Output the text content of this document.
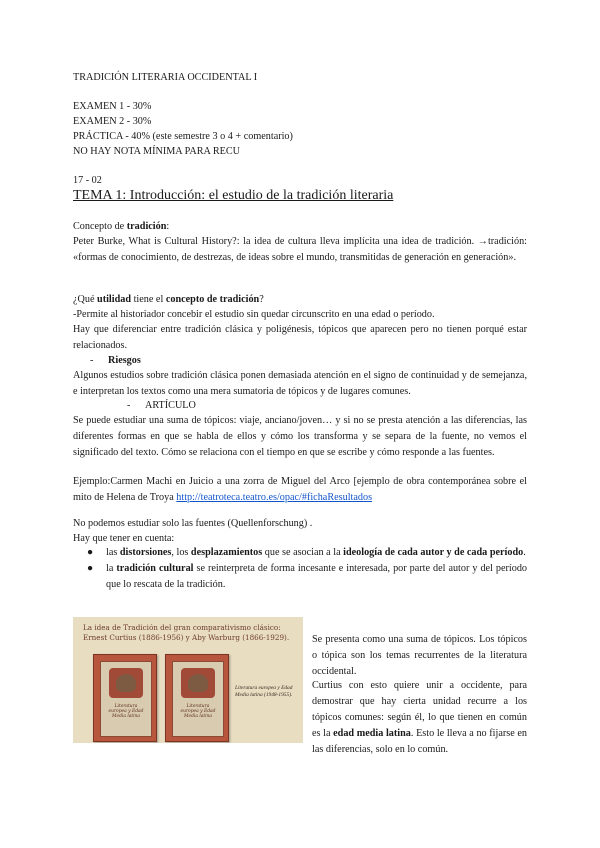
TRADICIÓN LITERARIA OCCIDENTAL I
EXAMEN 1 - 30%
EXAMEN 2 - 30%
PRÁCTICA - 40% (este semestre 3 o 4 + comentario)
NO HAY NOTA MÍNIMA PARA RECU
17 - 02
TEMA 1: Introducción: el estudio de la tradición literaria
Concepto de tradición:
Peter Burke, What is Cultural History?: la idea de cultura lleva implícita una idea de tradición. →tradición: «formas de conocimiento, de destrezas, de ideas sobre el mundo, transmitidas de generación en generación».
¿Qué utilidad tiene el concepto de tradición?
-Permite al historiador concebir el estudio sin quedar circunscrito en una edad o período.
Hay que diferenciar entre tradición clásica y poligénesis, tópicos que aparecen pero no tienen porqué estar relacionados.
- Riesgos
Algunos estudios sobre tradición clásica ponen demasiada atención en el signo de continuidad y de semejanza, e interpretan los textos como una mera sumatoria de tópicos y de lugares comunes.
- ARTÍCULO
Se puede estudiar una suma de tópicos: viaje, anciano/joven… y si no se presta atención a las diferencias, las diferentes formas en que se habla de ellos y cómo los transforma y se separa de la fuente, no vemos el significado del texto. Cómo se relaciona con el tiempo en que se escribe y cómo responde a las fuentes.
Ejemplo:Carmen Machi en Juicio a una zorra de Miguel del Arco [ejemplo de obra contemporánea sobre el mito de Helena de Troya http://teatroteca.teatro.es/opac/#fichaResultados
No podemos estudiar solo las fuentes (Quellenforschung) .
Hay que tener en cuenta:
● las distorsiones, los desplazamientos que se asocian a la ideología de cada autor y de cada período.
● la tradición cultural se reinterpreta de forma incesante e interesada, por parte del autor y del período que lo rescata de la tradición.
La idea de Tradición del gran comparativismo clásico: Ernest Curtius (1886-1956) y Aby Warburg (1866-1929).
Literatura europea y Edad Media latina
Literatura europea y Edad Media latina
Literatura europea y Edad Media latina (1948-1955).
Se presenta como una suma de tópicos. Los tópicos o tópica son los temas recurrentes de la literatura occidental.
Curtius con esto quiere unir a occidente, para demostrar que hay cierta unidad recurre a los tópicos comunes: según él, lo que tienen en común es la edad media latina. Esto le lleva a no fijarse en las diferencias, solo en lo común.
